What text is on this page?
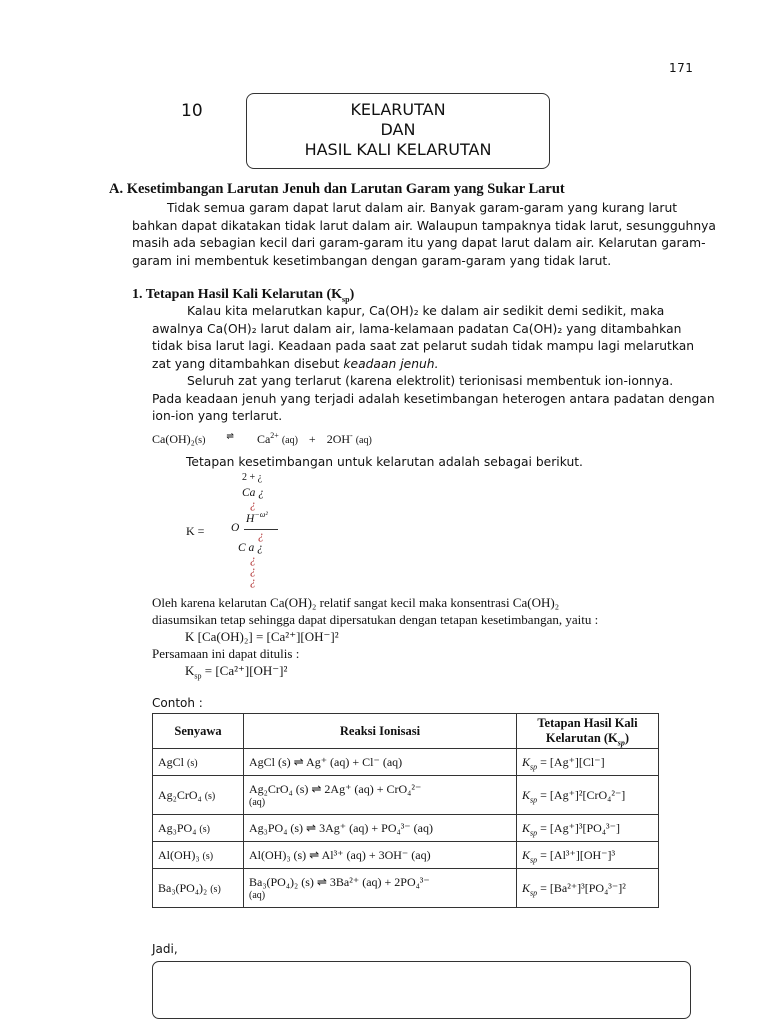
171
10	KELARUTAN
DAN
HASIL KALI KELARUTAN
A. Kesetimbangan Larutan Jenuh dan Larutan Garam yang Sukar Larut
Tidak semua garam dapat larut dalam air. Banyak garam-garam yang kurang larut
bahkan dapat dikatakan tidak larut dalam air. Walaupun tampaknya tidak larut, sesungguhnya
masih ada sebagian kecil dari garam-garam itu yang dapat larut dalam air. Kelarutan garam-
garam ini membentuk kesetimbangan dengan garam-garam yang tidak larut.
1. Tetapan Hasil Kali Kelarutan $(K_{sp})$
Kalau kita melarutkan kapur, Ca(OH)₂ ke dalam air sedikit demi sedikit, maka
awalnya Ca(OH)₂ larut dalam air, lama-kelamaan padatan Ca(OH)₂ yang ditambahkan
tidak bisa larut lagi. Keadaan pada saat zat pelarut sudah tidak mampu lagi melarutkan
zat yang ditambahkan disebut keadaan jenuh.
Seluruh zat yang terlarut (karena elektrolit) terionisasi membentuk ion-ionnya.
Pada keadaan jenuh yang terjadi adalah kesetimbangan heterogen antara padatan dengan
ion-ion yang terlarut.
Ca(OH)₂(s) ⇌ $Ca^{2+}$ (aq) + 2OH- (aq)
Tetapan kesetimbangan untuk kelarutan adalah sebagai berikut.
2 + ¿
Ca ¿
¿
K = O
$H^{-\omega^2}$
¿
C a ¿
¿
¿
¿
Oleh karena kelarutan Ca(OH)₂ relatif sangat kecil maka konsentrasi Ca(OH)₂
diasumsikan tetap sehingga dapat dipersatukan dengan tetapan kesetimbangan, yaitu :
K [Ca(OH)₂] = [Ca²⁺][OH⁻]²
Persamaan ini dapat ditulis :
$K_{sp} = [Ca^{2+}][OH^-]^2$
Contoh :
Senyawa	Reaksi Ionisasi	Tetapan Hasil Kali
Kelarutan $(K_{sp})$

AgCl (s)	AgCl (s) ⇌ Ag⁺ (aq) + Cl⁻ (aq)	$K_{sp} = [Ag^+][Cl^-]$
Ag₂CrO₄ (s)	Ag₂CrO₄ (s) ⇌ 2Ag⁺ (aq) + CrO₄²⁻
(aq)	$K_{sp} = [Ag^+]^2[CrO_4^{2-}]$
Ag₃PO₄ (s)	Ag₃PO₄ (s) ⇌ 3Ag⁺ (aq) + PO₄³⁻ (aq)	$K_{sp} = [Ag^+]^3[PO_4^{3-}]$
Al(OH)₃ (s)	Al(OH)₃ (s) ⇌ Al³⁺ (aq) + 3OH⁻ (aq)	$K_{sp} = [Al^{3+}][OH^-]^3$
Ba₃(PO₄)₂ (s)	Ba₃(PO₄)₂ (s) ⇌ 3Ba²⁺ (aq) + 2PO₄³⁻
(aq)	$K_{sp} = [Ba^{2+}]^3[PO_4^{3-}]^2$
Jadi,
